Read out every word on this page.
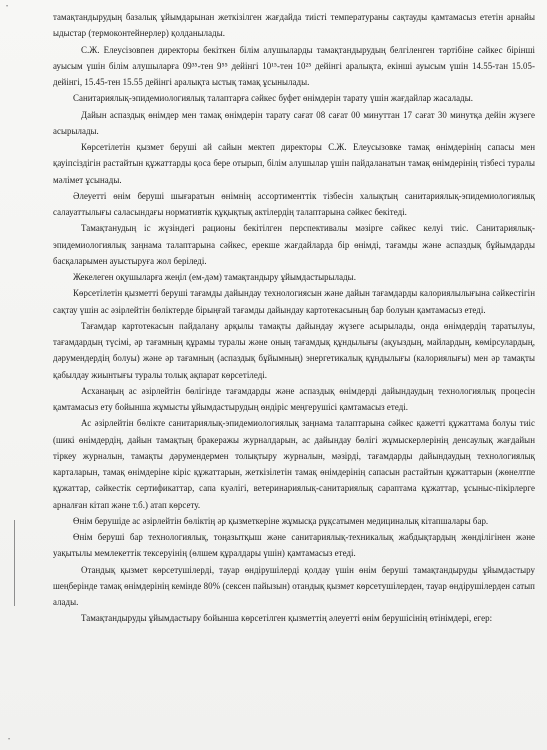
•
•

тамақтандырудың базалық ұйымдарынан жеткізілген жағдайда тиісті температураны сақтауды қамтамасыз ететін арнайы ыдыстар (термоконтейнерлер) қолданылады.

С.Ж. Елеусізовпен директоры бекіткен білім алушыларды тамақтандырудың белгіленген тәртібіне сәйкес бірінші ауысым үшін білім алушыларға 09³⁵-тен 9⁵⁵ дейінгі 10¹⁵-тен 10²⁵ дейінгі аралықта, екінші ауысым үшін 14.55-тан 15.05-дейінгі, 15.45-тен 15.55 дейінгі аралықта ыстық тамақ ұсынылады.

Санитариялық-эпидемиологиялық талаптарға сәйкес буфет өнімдерін тарату үшін жағдайлар жасалады.

Дайын аспаздық өнімдер мен тамақ өнімдерін тарату сағат 08 сағат 00 минуттан 17 сағат 30 минутқа дейін жүзеге асырылады.

Көрсетілетін қызмет беруші ай сайын мектеп директоры С.Ж. Елеусызовке тамақ өнімдерінің сапасы мен қауіпсіздігін растайтын құжаттарды қоса бере отырып, білім алушылар үшін пайдаланатын тамақ өнімдерінің тізбесі туралы мәлімет ұсынады.

Әлеуетті өнім беруші шығаратын өнімнің ассортименттік тізбесін халықтың санитариялық-эпидемиологиялық салауаттылығы саласындағы нормативтік құқықтық актілердің талаптарына сәйкес бекітеді.

Тамақтанудың іс жүзіндегі рационы бекітілген перспективалы мәзірге сәйкес келуі тиіс. Санитариялық-эпидемиологиялық заңнама талаптарына сәйкес, ерекше жағдайларда бір өнімді, тағамды және аспаздық бұйымдарды басқаларымен ауыстыруға жол беріледі.

Жекелеген оқушыларға жеңіл (ем-дәм) тамақтандыру ұйымдастырылады.

Көрсетілетін қызметті беруші тағамды дайындау технологиясын және дайын тағамдарды калориялылығына сәйкестігін сақтау үшін ас әзірлейтін бөліктерде бірыңғай тағамды дайындау картотекасының бар болуын қамтамасыз етеді.

Тағамдар картотекасын пайдалану арқылы тамақты дайындау жүзеге асырылады, онда өнімдердің таратылуы, тағамдардың түсімі, әр тағамның құрамы туралы және оның тағамдық құндылығы (ақуыздың, майлардың, көмірсулардың, дәрумендердің болуы) және әр тағамның (аспаздық бұйымның) энергетикалық құндылығы (калориялығы) мен әр тамақты қабылдау жиынтығы туралы толық ақпарат көрсетіледі.

Асханаңың ас әзірлейтін бөлігінде тағамдарды және аспаздық өнімдерді дайындаудың технологиялық процесін қамтамасыз ету бойынша жұмысты ұйымдастырудың өндіріс меңгерушісі қамтамасыз етеді.

Ас әзірлейтін бөлікте санитариялық-эпидемиологиялық заңнама талаптарына сәйкес қажетті құжаттама болуы тиіс (шикі өнімдердің, дайын тамақтың бракеражы журналдарын, ас дайындау бөлігі жұмыскерлерінің денсаулық жағдайын тіркеу журналын, тамақты дәрумендермен толықтыру журналын, мәзірді, тағамдарды дайындаудың технологиялық карталарын, тамақ өнімдеріне кіріс құжаттарын, жеткізілетін тамақ өнімдерінің сапасын растайтын құжаттарын (жөнелтпе құжаттар, сәйкестік сертификаттар, сапа куәлігі, ветеринариялық-санитариялық сараптама құжаттар, ұсыныс-пікірлерге арналған кітап және т.б.) атап көрсету.

Өнім берушіде ас әзірлейтін бөліктің әр қызметкеріне жұмысқа рұқсатымен медициналық кітапшалары бар.

Өнім беруші бар технологиялық, тоңазытқыш және санитариялық-техникалық жабдықтардың жөнділігінен және уақытылы мемлекеттік тексеруінің (өлшем құралдары үшін) қамтамасыз етеді.

Отандық қызмет көрсетушілерді, тауар өндірушілерді қолдау үшін өнім беруші тамақтандыруды ұйымдастыру шеңберінде тамақ өнімдерінің кемінде 80% (сексен пайызын) отандық қызмет көрсетушілерден, тауар өндірушілерден сатып алады.

Тамақтандыруды ұйымдастыру бойынша көрсетілген қызметтің әлеуетті өнім берушісінің өтінімдері, егер:
